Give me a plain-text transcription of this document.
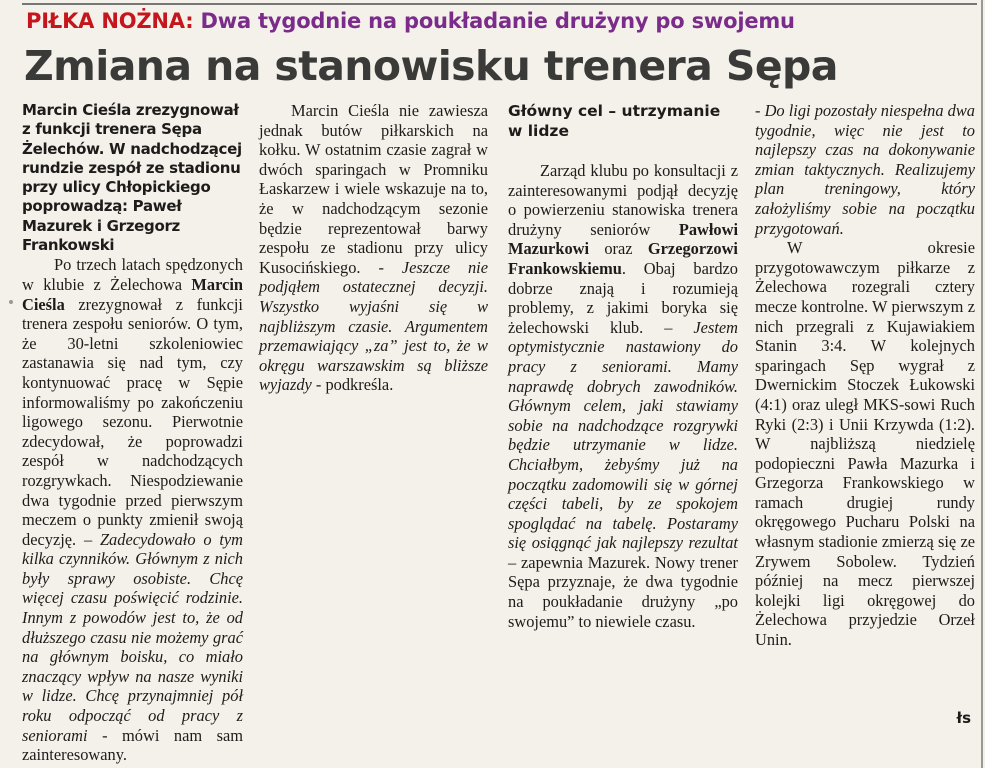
PIŁKA NOŻNA: Dwa tygodnie na poukładanie drużyny po swojemu
Zmiana na stanowisku trenera Sępa

Marcin Cieśla zrezygnował z funkcji trenera Sępa Żelechów. W nadchodzącej rundzie zespół ze stadionu przy ulicy Chłopickiego poprowadzą: Paweł Mazurek i Grzegorz Frankowski

Po trzech latach spędzonych w klubie z Żelechowa Marcin Cieśla zrezygnował z funkcji trenera zespołu seniorów. O tym, że 30-letni szkoleniowiec zastanawia się nad tym, czy kontynuować pracę w Sępie informowaliśmy po zakończeniu ligowego sezonu. Pierwotnie zdecydował, że poprowadzi zespół w nadchodzących rozgrywkach. Niespodziewanie dwa tygodnie przed pierwszym meczem o punkty zmienił swoją decyzję. – Zadecydowało o tym kilka czynników. Głównym z nich były sprawy osobiste. Chcę więcej czasu poświęcić rodzinie. Innym z powodów jest to, że od dłuższego czasu nie możemy grać na głównym boisku, co miało znaczący wpływ na nasze wyniki w lidze. Chcę przynajmniej pół roku odpocząć od pracy z seniorami - mówi nam sam zainteresowany.

Marcin Cieśla nie zawiesza jednak butów piłkarskich na kołku. W ostatnim czasie zagrał w dwóch sparingach w Promniku Łaskarzew i wiele wskazuje na to, że w nadchodzącym sezonie będzie reprezentował barwy zespołu ze stadionu przy ulicy Kusocińskiego. - Jeszcze nie podjąłem ostatecznej decyzji. Wszystko wyjaśni się w najbliższym czasie. Argumentem przemawiający „za” jest to, że w okręgu warszawskim są bliższe wyjazdy - podkreśla.

Główny cel – utrzymanie w lidze

Zarząd klubu po konsultacji z zainteresowanymi podjął decyzję o powierzeniu stanowiska trenera drużyny seniorów Pawłowi Mazurkowi oraz Grzegorzowi Frankowskiemu. Obaj bardzo dobrze znają i rozumieją problemy, z jakimi boryka się żelechowski klub. – Jestem optymistycznie nastawiony do pracy z seniorami. Mamy naprawdę dobrych zawodników. Głównym celem, jaki stawiamy sobie na nadchodzące rozgrywki będzie utrzymanie w lidze. Chciałbym, żebyśmy już na początku zadomowili się w górnej części tabeli, by ze spokojem spoglądać na tabelę. Postaramy się osiągnąć jak najlepszy rezultat – zapewnia Mazurek. Nowy trener Sępa przyznaje, że dwa tygodnie na poukładanie drużyny „po swojemu” to niewiele czasu.

- Do ligi pozostały niespełna dwa tygodnie, więc nie jest to najlepszy czas na dokonywanie zmian taktycznych. Realizujemy plan treningowy, który założyliśmy sobie na początku przygotowań.

W okresie przygotowawczym piłkarze z Żelechowa rozegrali cztery mecze kontrolne. W pierwszym z nich przegrali z Kujawiakiem Stanin 3:4. W kolejnych sparingach Sęp wygrał z Dwernickim Stoczek Łukowski (4:1) oraz uległ MKS-sowi Ruch Ryki (2:3) i Unii Krzywda (1:2). W najbliższą niedzielę podopieczni Pawła Mazurka i Grzegorza Frankowskiego w ramach drugiej rundy okręgowego Pucharu Polski na własnym stadionie zmierzą się ze Zrywem Sobolew. Tydzień później na mecz pierwszej kolejki ligi okręgowej do Żelechowa przyjedzie Orzeł Unin.

łs
